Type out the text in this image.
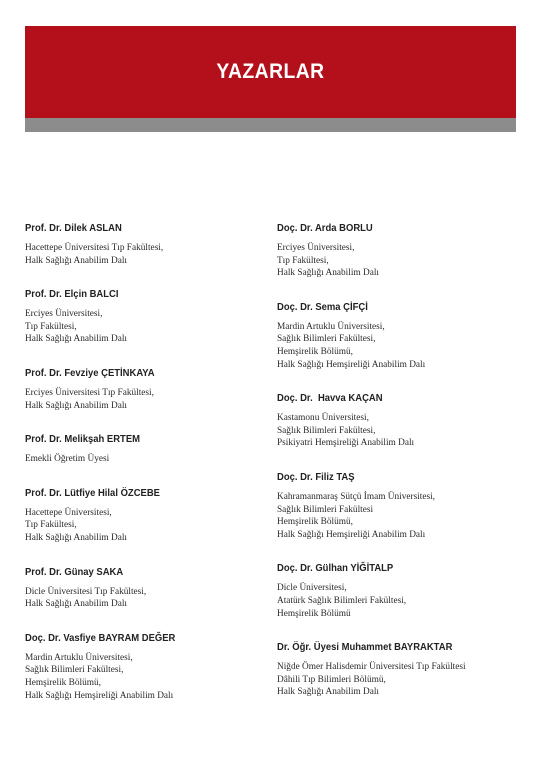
YAZARLAR
Prof. Dr. Dilek ASLAN
Hacettepe Üniversitesi Tıp Fakültesi,
Halk Sağlığı Anabilim Dalı
Prof. Dr. Elçin BALCI
Erciyes Üniversitesi,
Tıp Fakültesi,
Halk Sağlığı Anabilim Dalı
Prof. Dr. Fevziye ÇETİNKAYA
Erciyes Üniversitesi Tıp Fakültesi,
Halk Sağlığı Anabilim Dalı
Prof. Dr. Melikşah ERTEM
Emekli Öğretim Üyesi
Prof. Dr. Lütfiye Hilal ÖZCEBE
Hacettepe Üniversitesi,
Tıp Fakültesi,
Halk Sağlığı Anabilim Dalı
Prof. Dr. Günay SAKA
Dicle Üniversitesi Tıp Fakültesi,
Halk Sağlığı Anabilim Dalı
Doç. Dr. Vasfiye BAYRAM DEĞER
Mardin Artuklu Üniversitesi,
Sağlık Bilimleri Fakültesi,
Hemşirelik Bölümü,
Halk Sağlığı Hemşireliği Anabilim Dalı
Doç. Dr. Arda BORLU
Erciyes Üniversitesi,
Tıp Fakültesi,
Halk Sağlığı Anabilim Dalı
Doç. Dr. Sema ÇİFÇİ
Mardin Artuklu Üniversitesi,
Sağlık Bilimleri Fakültesi,
Hemşirelik Bölümü,
Halk Sağlığı Hemşireliği Anabilim Dalı
Doç. Dr.  Havva KAÇAN
Kastamonu Üniversitesi,
Sağlık Bilimleri Fakültesi,
Psikiyatri Hemşireliği Anabilim Dalı
Doç. Dr. Filiz TAŞ
Kahramanmaraş Sütçü İmam Üniversitesi,
Sağlık Bilimleri Fakültesi
Hemşirelik Bölümü,
Halk Sağlığı Hemşireliği Anabilim Dalı
Doç. Dr. Gülhan YİĞİTALP
Dicle Üniversitesi,
Atatürk Sağlık Bilimleri Fakültesi,
Hemşirelik Bölümü
Dr. Öğr. Üyesi Muhammet BAYRAKTAR
Niğde Ömer Halisdemir Üniversitesi Tıp Fakültesi
Dâhili Tıp Bilimleri Bölümü,
Halk Sağlığı Anabilim Dalı
